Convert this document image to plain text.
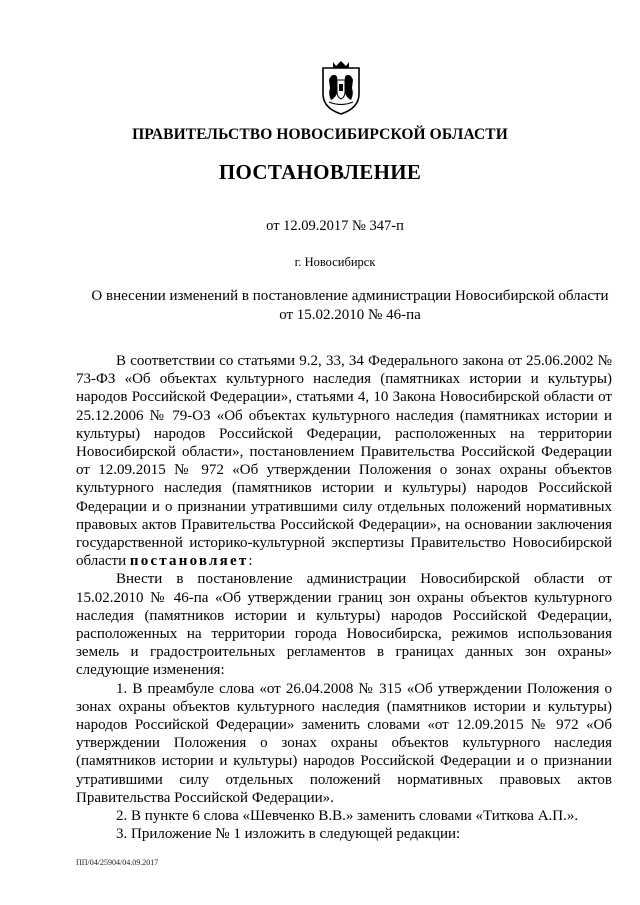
ПРАВИТЕЛЬСТВО НОВОСИБИРСКОЙ ОБЛАСТИ
ПОСТАНОВЛЕНИЕ
от 12.09.2017 № 347-п
г. Новосибирск
О внесении изменений в постановление администрации Новосибирской области
от 15.02.2010 № 46-па

В соответствии со статьями 9.2, 33, 34 Федерального закона от 25.06.2002 № 73-ФЗ «Об объектах культурного наследия (памятниках истории и культуры) народов Российской Федерации», статьями 4, 10 Закона Новосибирской области от 25.12.2006 № 79-ОЗ «Об объектах культурного наследия (памятниках истории и культуры) народов Российской Федерации, расположенных на территории Новосибирской области», постановлением Правительства Российской Федерации от 12.09.2015 № 972 «Об утверждении Положения о зонах охраны объектов культурного наследия (памятников истории и культуры) народов Российской Федерации и о признании утратившими силу отдельных положений нормативных правовых актов Правительства Российской Федерации», на основании заключения государственной историко-культурной экспертизы Правительство Новосибирской области постановляет:

Внести в постановление администрации Новосибирской области от 15.02.2010 № 46-па «Об утверждении границ зон охраны объектов культурного наследия (памятников истории и культуры) народов Российской Федерации, расположенных на территории города Новосибирска, режимов использования земель и градостроительных регламентов в границах данных зон охраны» следующие изменения:

1. В преамбуле слова «от 26.04.2008 № 315 «Об утверждении Положения о зонах охраны объектов культурного наследия (памятников истории и культуры) народов Российской Федерации» заменить словами «от 12.09.2015 № 972 «Об утверждении Положения о зонах охраны объектов культурного наследия (памятников истории и культуры) народов Российской Федерации и о признании утратившими силу отдельных положений нормативных правовых актов Правительства Российской Федерации».

2. В пункте 6 слова «Шевченко В.В.» заменить словами «Титкова А.П.».

3. Приложение № 1 изложить в следующей редакции:

ПП/04/25904/04.09.2017
